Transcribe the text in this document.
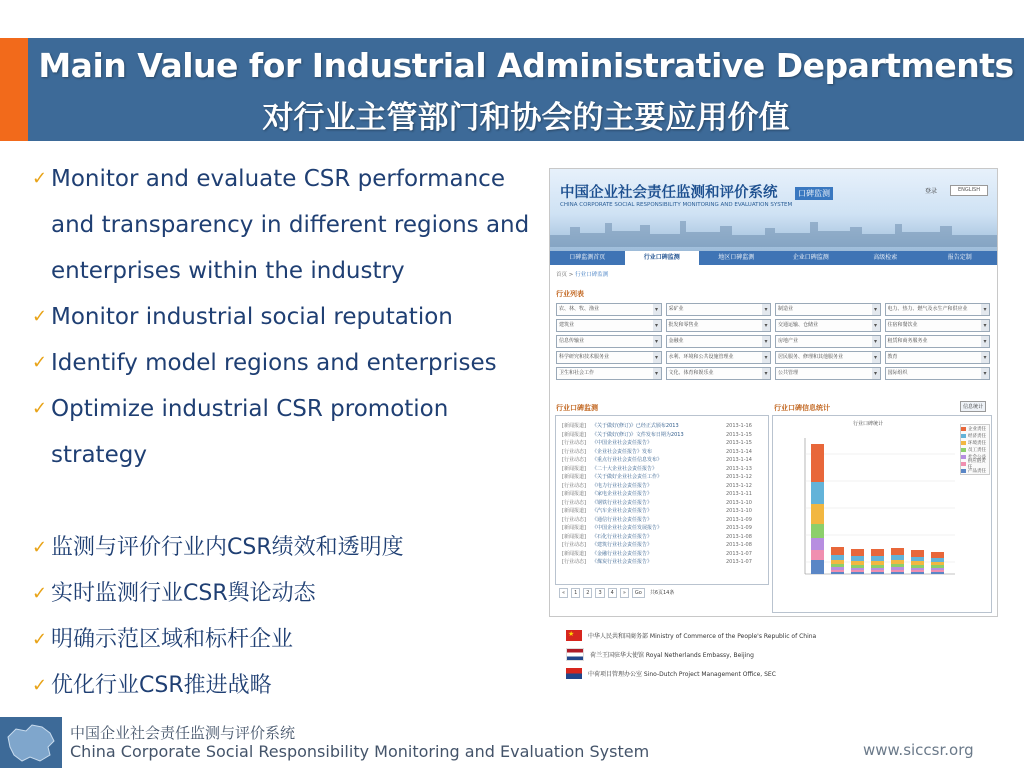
Main Value for Industrial Administrative Departments
对行业主管部门和协会的主要应用价值
✓ Monitor and evaluate CSR performance and transparency in different regions and enterprises within the industry
✓ Monitor industrial social reputation
✓ Identify model regions and enterprises
✓ Optimize industrial CSR promotion strategy
✓ 监测与评价行业内CSR绩效和透明度
✓ 实时监测行业CSR舆论动态
✓ 明确示范区域和标杆企业
✓ 优化行业CSR推进战略
中国企业社会责任监测和评价系统
CHINA CORPORATE SOCIAL RESPONSIBILITY MONITORING AND EVALUATION SYSTEM
口碑监测	登录	ENGLISH
口碑监测首页	行业口碑监测	地区口碑监测	企业口碑监测	高级检索	报告定制
首页 > 行业口碑监测
行业列表
农、林、牧、渔业 ▾	采矿业 ▾	制造业 ▾	电力、热力、燃气及水生产和供应业 ▾
建筑业 ▾	批发和零售业 ▾	交通运输、仓储业 ▾	住宿和餐饮业 ▾
信息传输业 ▾	金融业 ▾	房地产业 ▾	租赁和商务服务业 ▾
科学研究和技术服务业 ▾	水利、环境和公共设施管理业 ▾	居民服务、修理和其他服务业 ▾	教育 ▾
卫生和社会工作 ▾	文化、体育和娱乐业 ▾	公共管理 ▾	国际组织 ▾
行业口碑监测	行业口碑信息统计	信息统计
[新闻报道]	《关于做好(修订)》已经正式颁布2013	2013-1-16
[新闻报道]	《关于做好(修订)》文件发布日期为2013	2013-1-15
[行业动态]	《中国企业社会责任报告》	2013-1-15
[行业动态]	《企业社会责任报告》发布	2013-1-14
[行业动态]	《重点行业社会责任信息发布》	2013-1-14
[新闻报道]	《二十大企业社会责任报告》	2013-1-13
[新闻报道]	《关于做好企业社会责任工作》	2013-1-12
[行业动态]	《电力行业社会责任报告》	2013-1-12
[新闻报道]	《家电企业社会责任报告》	2013-1-11
[行业动态]	《钢铁行业社会责任报告》	2013-1-10
[新闻报道]	《汽车企业社会责任报告》	2013-1-10
[行业动态]	《通信行业社会责任报告》	2013-1-09
[新闻报道]	《中国企业社会责任发展报告》	2013-1-09
[新闻报道]	《石化行业社会责任报告》	2013-1-08
[行业动态]	《建筑行业社会责任报告》	2013-1-08
[新闻报道]	《金融行业社会责任报告》	2013-1-07
[行业动态]	《煤炭行业社会责任报告》	2013-1-07
«	1	2	3	4	»	Go	共6页14条
行业口碑统计
企业责任
经济责任
环境责任
员工责任
社会公益
供应链责任
产品责任
★ 中华人民共和国商务部 Ministry of Commerce of the People's Republic of China
荷兰王国驻华大使馆 Royal Netherlands Embassy, Beijing
中荷项目管理办公室 Sino-Dutch Project Management Office, SEC
中国企业社会责任监测与评价系统
China Corporate Social Responsibility Monitoring and Evaluation System	www.siccsr.org
